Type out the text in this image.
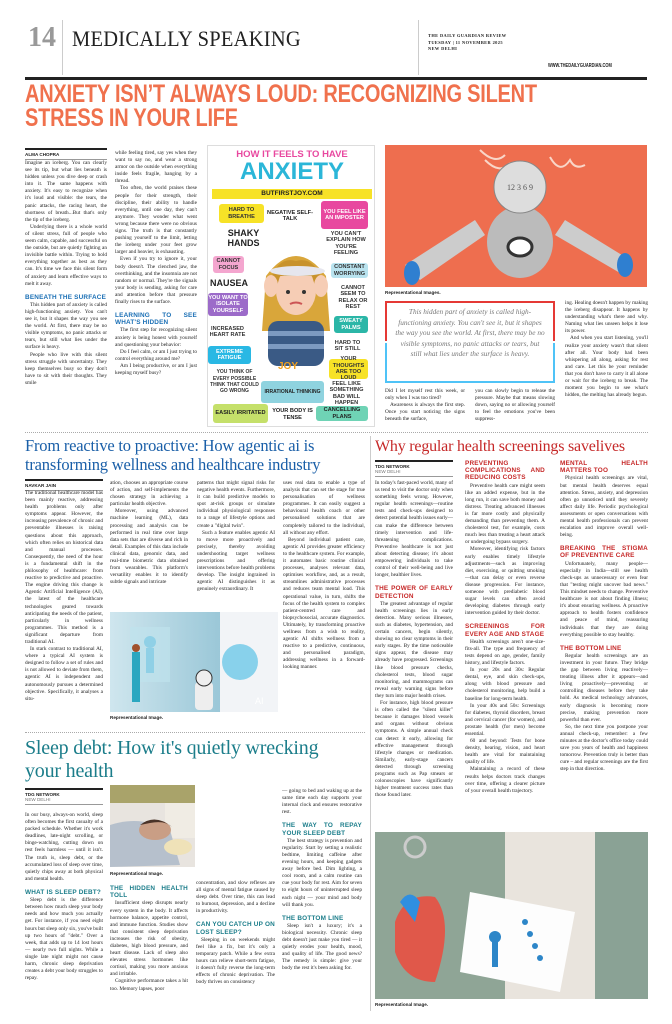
14 MEDICALLY SPEAKING	THE DAILY GUARDIAN REVIEW
TUESDAY | 11 NOVEMBER 2025
NEW DELHI
WWW.THEDAILYGUARDIAN.COM
ANXIETY ISN’T ALWAYS LOUD: RECOGNIZING SILENT
STRESS IN YOUR LIFE
ALMA CHOPRA

Imagine an iceberg. You can clearly see its tip, but what lies beneath is hidden unless you dive deep or crash into it. The same happens with anxiety. It's easy to recognize when it's loud and visible: the tears, the panic attacks, the racing heart, the shortness of breath...But that's only the tip of the iceberg.

Underlying there is a whole world of silent stress, full of people who seem calm, capable, and successful on the outside, but are quietly fighting an invisible battle within. Trying to hold everything together as best as they can. It's time we face this silent form of anxiety and learn effective ways to melt it away.

BENEATH THE SURFACE

This hidden part of anxiety is called high-functioning anxiety. You can't see it, but it shapes the way you see the world. At first, there may be no visible symptoms, no panic attacks or tears, but still what lies under the surface is heavy.

People who live with this silent stress struggle with uncertainty. They keep themselves busy so they don't have to sit with their thoughts. They smile

while feeling tired, say yes when they want to say no, and wear a strong armor on the outside when everything inside feels fragile, hanging by a thread.

Too often, the world praises these people for their strength, their discipline, their ability to handle everything, until one day, they can't anymore. They wonder what went wrong because there were no obvious signs. The truth is that constantly pushing yourself to the limit, letting the iceberg under your feet grow larger and heavier, is exhausting.

Even if you try to ignore it, your body doesn't. The clenched jaw, the overthinking, and the insomnia are not random or normal. They're the signals your body is sending, asking for care and attention before that pressure finally rises to the surface.

LEARNING TO SEE WHAT'S HIDDEN

The first step for recognizing silent anxiety is being honest with yourself and questioning your behavior:

Do I feel calm, or am I just trying to control everything around me?

Am I being productive, or am I just keeping myself busy?

HOW IT FEELS TO HAVE
ANXIETY
BUTFIRSTJOY.COM
JOY
HARD TO BREATHE
NEGATIVE SELF-TALK
YOU FEEL LIKE AN IMPOSTER
SHAKY HANDS
YOU CAN'T EXPLAIN HOW YOU'RE FEELING
CANNOT FOCUS	CONSTANT WORRYING
NAUSEA	CANNOT SEEM TO RELAX OR REST
YOU WANT TO ISOLATE YOURSELF
SWEATY PALMS
INCREASED HEART RATE
HARD TO SIT STILL
EXTREME FATIGUE	YOUR THOUGHTS ARE TOO LOUD
YOU THINK OF EVERY POSSIBLE THINK THAT COULD GO WRONG	IRRATIONAL THINKING
FEEL LIKE SOMETHING BAD WILL HAPPEN
EASILY IRRITATED	YOUR BODY IS TENSE
CANCELLING PLANS
12 3 6 9
Representational Images.
This hidden part of anxiety is called high-functioning anxiety. You can't see it, but it shapes the way you see the world. At first, there may be no visible symptoms, no panic attacks or tears, but still what lies under the surface is heavy.

Did I let myself rest this week, or only when I was too tired?

Awareness is always the first step. Once you start noticing the signs beneath the surface,

you can slowly begin to release the pressure. Maybe that means slowing down, saying no or allowing yourself to feel the emotions you've been suppress-

ing. Healing doesn't happen by making the iceberg disappear. It happens by understanding what's there and why. Naming what lies unseen helps it lose its power.

And when you start listening, you'll realize your anxiety wasn't that silent after all. Your body had been whispering all along, asking for rest and care. Let this be your reminder that you don't have to carry it all alone or wait for the iceberg to break. The moment you begin to see what's hidden, the melting has already begun.

From reactive to proactive: How agentic ai is
transforming wellness and healthcare industry
NAVKAR JAIN

The traditional healthcare model has been mainly reactive, addressing health problems only after symptoms appear. However, the increasing prevalence of chronic and preventable illnesses is raising questions about this approach, which often relies on historical data and manual processes. Consequently, the need of the hour is a fundamental shift in the philosophy of healthcare: from reactive to predictive and proactive. The engine driving this change is Agentic Artificial Intelligence (AI), the latest of the healthcare technologies geared towards anticipating the needs of the patient, particularly in wellness programmes. This method is a significant departure from traditional AI.

In stark contrast to traditional AI, where a typical AI system is designed to follow a set of rules and is not allowed to deviate from them, agentic AI is independent and autonomously pursues a determined objective. Specifically, it analyses a situ-

ation, chooses an appropriate course of action, and self-implements the chosen strategy in achieving a particular health objective.

Moreover, using advanced machine learning (ML), data processing and analysis can be performed in real time over large data sets that are diverse and rich in detail. Examples of this data include clinical data, genomic data, and real-time biometric data obtained from wearables. This platform's versatility enables it to identify subtle signals and intricate

patterns that might signal risks for negative health events. Furthermore, it can build predictive models to spot at-risk groups or simulate individual physiological responses to a range of lifestyle options and create a "digital twin".

Such a feature enables agentic AI to move more proactively and precisely, thereby avoiding undershooting target wellness prescriptions and offering interventions before health problems develop. The insight ingrained in agentic AI distinguishes it as genuinely extraordinary. It

uses real data to enable a type of analysis that can set the stage for true personalisation of wellness programmes. It can easily suggest a behavioural health coach or other personalised solutions that are completely tailored to the individual, all without any effort.

Beyond individual patient care, agentic AI provides greater efficiency to the healthcare system. For example, it automates basic routine clinical processes, analyses relevant data, optimises workflow, and, as a result, streamlines administrative processes and reduces team mental load. This operational value, in turn, shifts the focus of the health system to complex patient-centred care and biopsychosocial, accurate diagnostics. Ultimately, by transforming proactive wellness from a wish to reality, agentic AI shifts wellness from a reactive to a predictive, continuous, and personalised paradigm, addressing wellness in a forward-looking manner.

AI
Representational Image.
Why regular health screenings savelives
TDG NETWORK
NEW DELHI

In today's fast-paced world, many of us tend to visit the doctor only when something feels wrong. However, regular health screenings—routine tests and check-ups designed to detect potential health issues early—can make the difference between timely intervention and life-threatening complications. Preventive healthcare is not just about detecting disease; it's about empowering individuals to take control of their well-being and live longer, healthier lives.

THE POWER OF EARLY DETECTION

The greatest advantage of regular health screenings lies in early detection. Many serious illnesses, such as diabetes, hypertension, and certain cancers, begin silently, showing no clear symptoms in their early stages. By the time noticeable signs appear, the disease may already have progressed. Screenings like blood pressure checks, cholesterol tests, blood sugar monitoring, and mammograms can reveal early warning signs before they turn into major health crises.

For instance, high blood pressure is often called the "silent killer" because it damages blood vessels and organs without obvious symptoms. A simple annual check can detect it early, allowing for effective management through lifestyle changes or medication. Similarly, early-stage cancers detected through screening programs such as Pap smears or colonoscopies have significantly higher treatment success rates than those found later.

PREVENTING COMPLICATIONS AND REDUCING COSTS

Preventive health care might seem like an added expense, but in the long run, it can save both money and distress. Treating advanced illnesses is far more costly and physically demanding than preventing them. A cholesterol test, for example, costs much less than treating a heart attack or undergoing bypass surgery.

Moreover, identifying risk factors early enables timely lifestyle adjustments—such as improving diet, exercising, or quitting smoking—that can delay or even reverse disease progression. For instance, someone with prediabetic blood sugar levels can often avoid developing diabetes through early intervention guided by their doctor.

SCREENINGS FOR EVERY AGE AND STAGE

Health screenings aren't one-size-fits-all. The type and frequency of tests depend on age, gender, family history, and lifestyle factors.

In your 20s and 30s: Regular dental, eye, and skin check-ups, along with blood pressure and cholesterol monitoring, help build a baseline for long-term health.

In your 40s and 50s: Screenings for diabetes, thyroid disorders, breast and cervical cancer (for women), and prostate health (for men) become essential.

60 and beyond: Tests for bone density, hearing, vision, and heart health are vital for maintaining quality of life.

Maintaining a record of these results helps doctors track changes over time, offering a clearer picture of your overall health trajectory.

MENTAL HEALTH MATTERS TOO

Physical health screenings are vital, but mental health deserves equal attention. Stress, anxiety, and depression often go unnoticed until they severely affect daily life. Periodic psychological assessments or open conversations with mental health professionals can prevent escalation and improve overall well-being.

BREAKING THE STIGMA OF PREVENTIVE CARE

Unfortunately, many people—especially in India—still see health check-ups as unnecessary or even fear that "testing might uncover bad news." This mindset needs to change. Preventive healthcare is not about finding illness; it's about ensuring wellness. A proactive approach to health fosters confidence and peace of mind, reassuring individuals that they are doing everything possible to stay healthy.

THE BOTTOM LINE

Regular health screenings are an investment in your future. They bridge the gap between living reactively—treating illness after it appears—and living proactively—preventing or controlling diseases before they take hold. As medical technology advances, early diagnosis is becoming more precise, making prevention more powerful than ever.

So, the next time you postpone your annual check-up, remember: a few minutes at the doctor's office today could save you years of health and happiness tomorrow. Prevention truly is better than cure – and regular screenings are the first step in that direction.

Representational Image.
Sleep debt: How it's quietly wrecking
your health
TDG NETWORK
NEW DELHI

In our busy, always-on world, sleep often becomes the first casualty of a packed schedule. Whether it's work deadlines, late-night scrolling, or binge-watching, cutting down on rest feels harmless — until it isn't. The truth is, sleep debt, or the accumulated loss of sleep over time, quietly chips away at both physical and mental health.

WHAT IS SLEEP DEBT?

Sleep debt is the difference between how much sleep your body needs and how much you actually get. For instance, if you need eight hours but sleep only six, you've built up two hours of "debt." Over a week, that adds up to 14 lost hours — nearly two full nights. While a single late night might not cause harm, chronic sleep deprivation creates a debt your body struggles to repay.

Representational Image.
THE HIDDEN HEALTH TOLL

Insufficient sleep disrupts nearly every system in the body. It affects hormone balance, appetite control, and immune function. Studies show that consistent sleep deprivation increases the risk of obesity, diabetes, high blood pressure, and heart disease. Lack of sleep also elevates stress hormones like cortisol, making you more anxious and irritable.

Cognitive performance takes a hit too. Memory lapses, poor

concentration, and slow reflexes are all signs of mental fatigue caused by sleep debt. Over time, this can lead to burnout, depression, and a decline in productivity.

CAN YOU CATCH UP ON LOST SLEEP?

Sleeping in on weekends might feel like a fix, but it's only a temporary patch. While a few extra hours can relieve short-term fatigue, it doesn't fully reverse the long-term effects of chronic deprivation. The body thrives on consistency

— going to bed and waking up at the same time each day supports your internal clock and ensures restorative rest.

THE WAY TO REPAY YOUR SLEEP DEBT

The best strategy is prevention and regularity. Start by setting a realistic bedtime, limiting caffeine after evening hours, and keeping gadgets away before bed. Dim lighting, a cool room, and a calm routine can cue your body for rest. Aim for seven to eight hours of uninterrupted sleep each night — your mind and body will thank you.

THE BOTTOM LINE

Sleep isn't a luxury; it's a biological necessity. Chronic sleep debt doesn't just make you tired — it quietly erodes your health, mood, and quality of life. The good news? The remedy is simple: give your body the rest it's been asking for.
